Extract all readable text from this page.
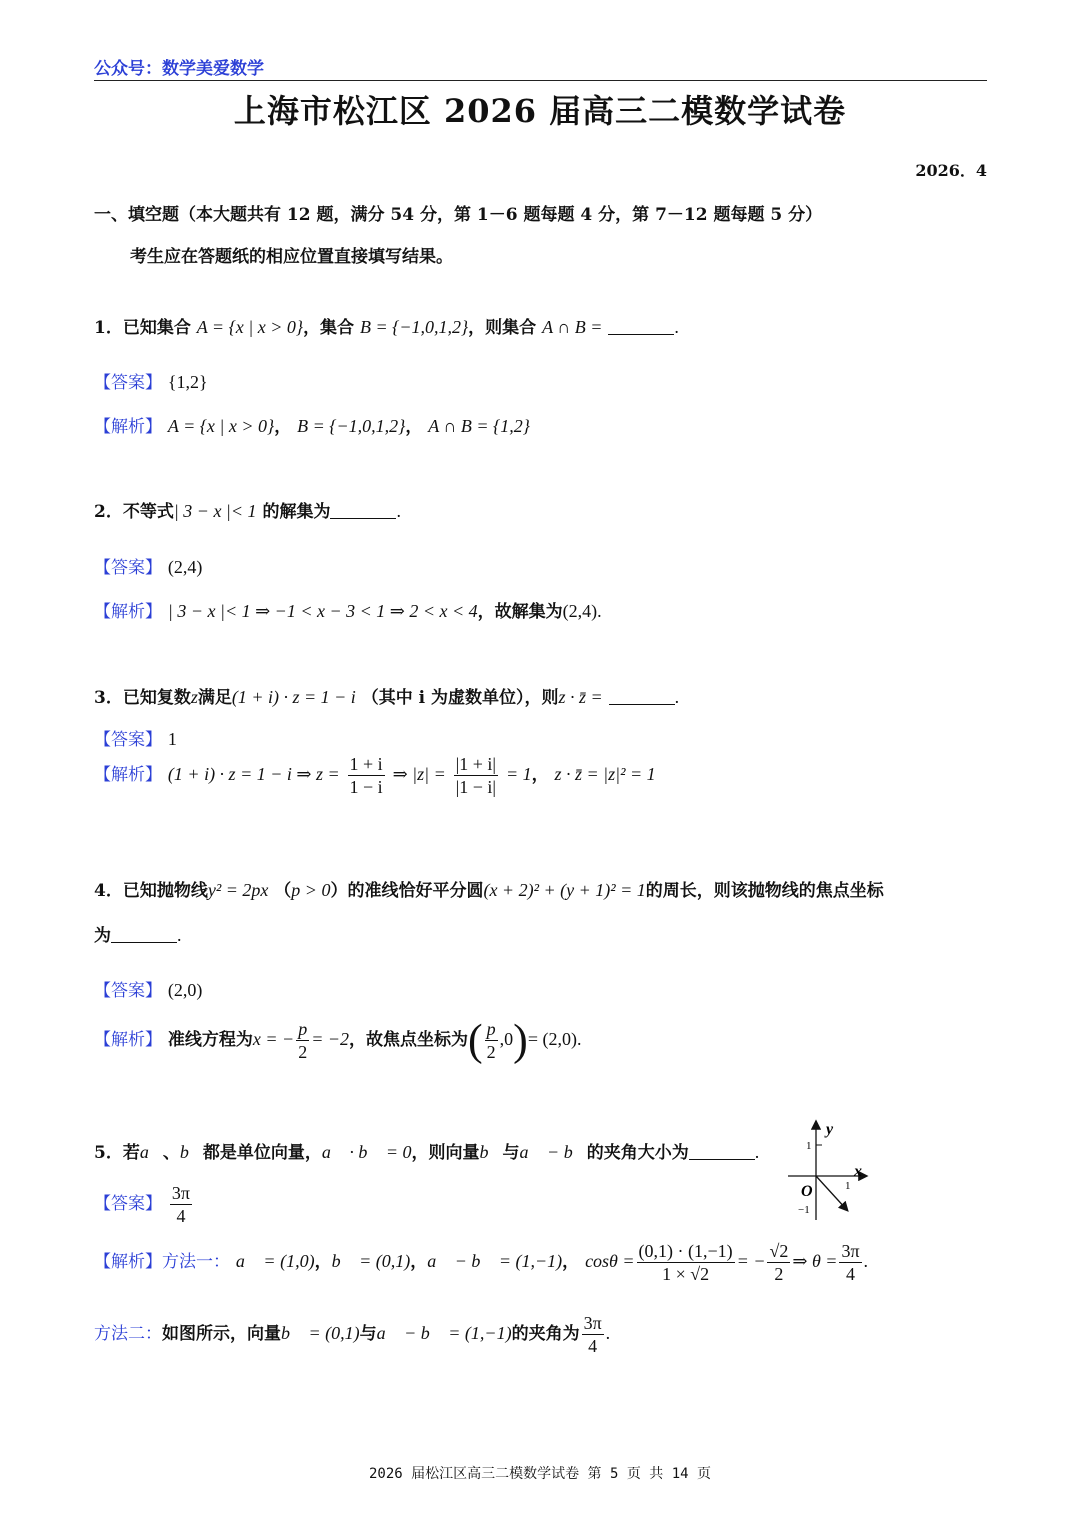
公众号：数学美爱数学
上海市松江区 2026 届高三二模数学试卷
2026．4
一、填空题（本大题共有 12 题，满分 54 分，第 1－6 题每题 4 分，第 7－12 题每题 5 分）
考生应在答题纸的相应位置直接填写结果。
1．已知集合 A = {x | x > 0}，集合 B = {−1,0,1,2}，则集合 A ∩ B =	.
【答案】 {1,2}
【解析】 A = {x | x > 0}， B = {−1,0,1,2}， A ∩ B = {1,2}
2．不等式| 3 − x |< 1 的解集为	.
【答案】 (2,4)
【解析】 | 3 − x |< 1 ⇒ −1 < x − 3 < 1 ⇒ 2 < x < 4，故解集为(2,4).
3．已知复数z满足(1 + i) · z = 1 − i （其中 i 为虚数单位），则z · z̄ =	.
【答案】 1
【解析】 (1 + i) · z = 1 − i ⇒ $z = \frac{1 + i}{1 - i}$ ⇒ $|z| = \frac{|1 + i|}{|1 - i|} = 1$， z · z̄ = |z|² = 1
4．已知抛物线y² = 2px （p > 0）的准线恰好平分圆(x + 2)² + (y + 1)² = 1的周长，则该抛物线的焦点坐标
为	.
【答案】 (2,0)
【解析】 准线方程为x = − $\frac{p}{2} = -2$，故焦点坐标为( $\frac{p}{2} ,0)= (2,0)$.
5．若a⃗、b⃗都是单位向量，a⃗ · b⃗ = 0，则向量b⃗与a⃗ − b⃗的夹角大小为	.
【答案】 $\frac{3\pi}{4}$
【解析】方法一： a⃗ = (1,0)，b⃗ = (0,1)，a⃗ − b⃗ = (1,−1)， $\cos\theta = \frac{(0,1) \cdot (1,-1)}{1 \times √2}$ = − $\frac{√2}{2}$ ⇒ $\theta = \frac{3\pi}{4}$ .
方法二：如图所示，向量b⃗ = (0,1)与a⃗ − b⃗ = (1,−1)的夹角为 $\frac{3\pi}{4}$ .
y
x
O
1
1
−1
2026 届松江区高三二模数学试卷 第 5 页 共 14 页
